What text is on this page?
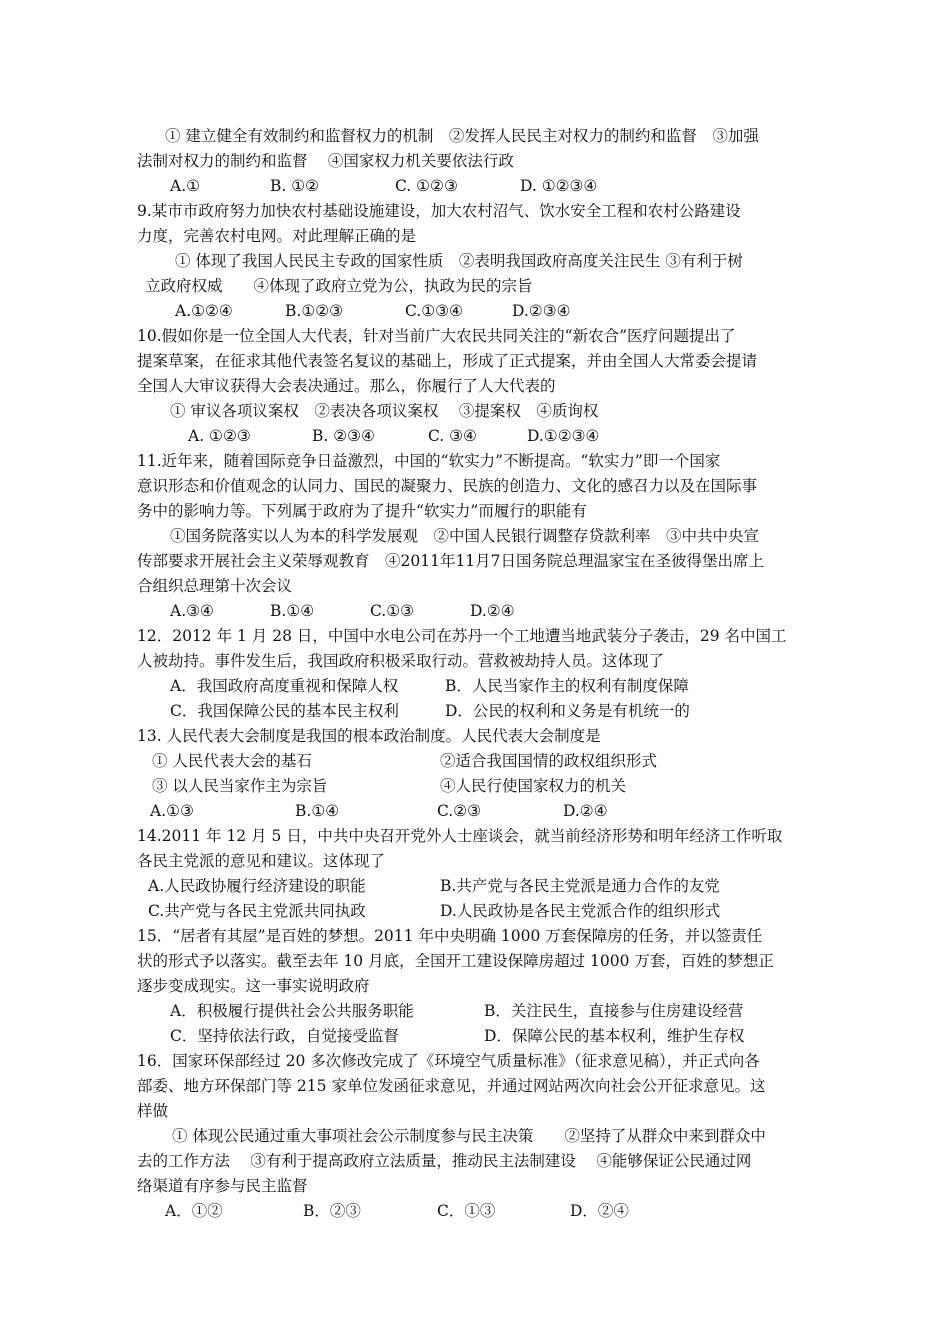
① 建立健全有效制约和监督权力的机制　②发挥人民民主对权力的制约和监督　③加强
法制对权力的制约和监督　 ④国家权力机关要依法行政
A.①	B. ①②	C. ①②③	D. ①②③④
9.某市市政府努力加快农村基础设施建设，加大农村沼气、饮水安全工程和农村公路建设
力度，完善农村电网。对此理解正确的是
① 体现了我国人民民主专政的国家性质　②表明我国政府高度关注民生 ③有利于树
立政府权威　　④体现了政府立党为公，执政为民的宗旨
A.①②④	B.①②③	C.①③④	D.②③④
10.假如你是一位全国人大代表，针对当前广大农民共同关注的“新农合”医疗问题提出了
提案草案，在征求其他代表签名复议的基础上，形成了正式提案，并由全国人大常委会提请
全国人大审议获得大会表决通过。那么，你履行了人大代表的
① 审议各项议案权　②表决各项议案权　 ③提案权　④质询权
A. ①②③	B. ②③④	C. ③④	D.①②③④
11.近年来，随着国际竞争日益激烈，中国的“软实力”不断提高。“软实力”即一个国家
意识形态和价值观念的认同力、国民的凝聚力、民族的创造力、文化的感召力以及在国际事
务中的影响力等。下列属于政府为了提升“软实力”而履行的职能有
①国务院落实以人为本的科学发展观　②中国人民银行调整存贷款利率　③中共中央宣
传部要求开展社会主义荣辱观教育　④2011年11月7日国务院总理温家宝在圣彼得堡出席上
合组织总理第十次会议
A.③④	B.①④	C.①③	D.②④
12．2012 年 1 月 28 日，中国中水电公司在苏丹一个工地遭当地武装分子袭击，29 名中国工
人被劫持。事件发生后，我国政府积极采取行动。营救被劫持人员。这体现了
A．我国政府高度重视和保障人权	B．人民当家作主的权利有制度保障
C．我国保障公民的基本民主权利	D．公民的权利和义务是有机统一的
13. 人民代表大会制度是我国的根本政治制度。人民代表大会制度是
① 人民代表大会的基石	②适合我国国情的政权组织形式
③ 以人民当家作主为宗旨	④人民行使国家权力的机关
A.①③	B.①④	C.②③	D.②④
14.2011 年 12 月 5 日，中共中央召开党外人士座谈会，就当前经济形势和明年经济工作听取
各民主党派的意见和建议。这体现了
A.人民政协履行经济建设的职能	B.共产党与各民主党派是通力合作的友党
C.共产党与各民主党派共同执政	D.人民政协是各民主党派合作的组织形式
15．“居者有其屋”是百姓的梦想。2011 年中央明确 1000 万套保障房的任务，并以签责任
状的形式予以落实。截至去年 10 月底，全国开工建设保障房超过 1000 万套，百姓的梦想正
逐步变成现实。这一事实说明政府
A．积极履行提供社会公共服务职能	B．关注民生，直接参与住房建设经营
C．坚持依法行政，自觉接受监督	D．保障公民的基本权利，维护生存权
16．国家环保部经过 20 多次修改完成了《环境空气质量标准》（征求意见稿），并正式向各
部委、地方环保部门等 215 家单位发函征求意见，并通过网站两次向社会公开征求意见。这
样做
① 体现公民通过重大事项社会公示制度参与民主决策　　②坚持了从群众中来到群众中
去的工作方法　 ③有利于提高政府立法质量，推动民主法制建设　 ④能够保证公民通过网
络渠道有序参与民主监督
A．①②	B．②③	C．①③	D．②④
